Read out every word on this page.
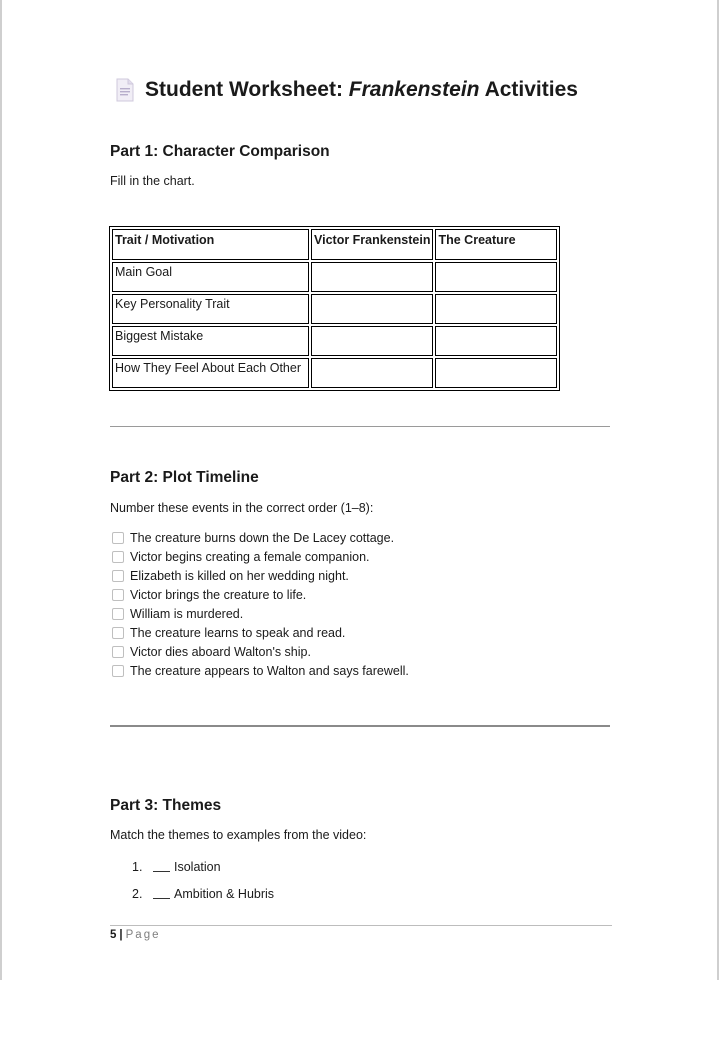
Student Worksheet: Frankenstein Activities
Part 1: Character Comparison
Fill in the chart.
Trait / Motivation	Victor Frankenstein	The Creature
Main Goal		
Key Personality Trait		
Biggest Mistake		
How They Feel About Each Other		
Part 2: Plot Timeline
Number these events in the correct order (1–8):
The creature burns down the De Lacey cottage.
Victor begins creating a female companion.
Elizabeth is killed on her wedding night.
Victor brings the creature to life.
William is murdered.
The creature learns to speak and read.
Victor dies aboard Walton's ship.
The creature appears to Walton and says farewell.
Part 3: Themes
Match the themes to examples from the video:
1.	Isolation
2.	Ambition & Hubris
5 | Page
